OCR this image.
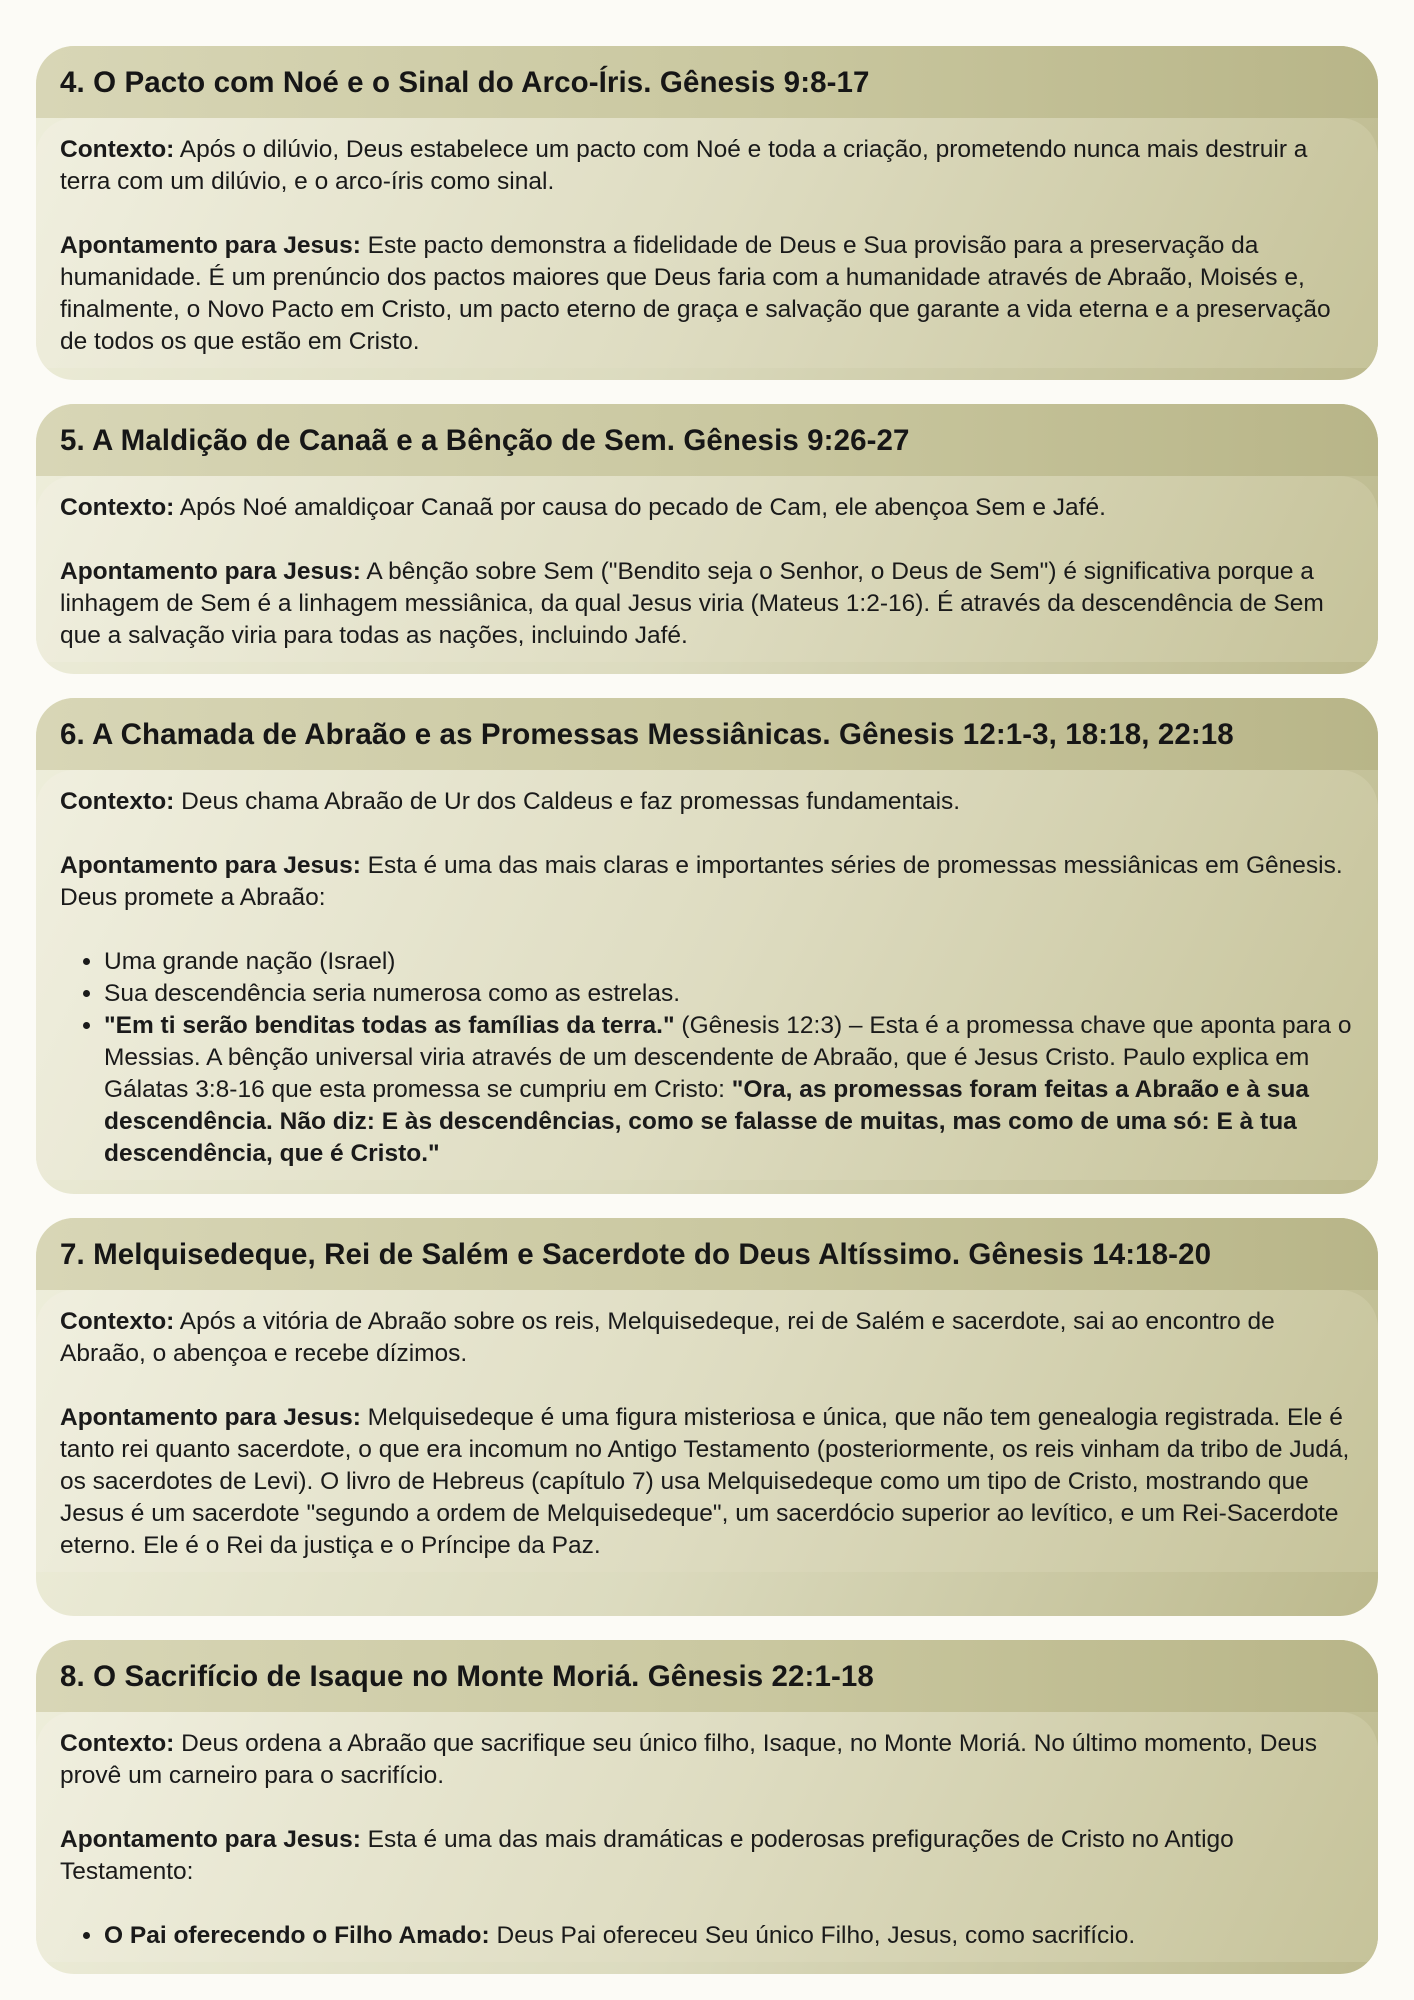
4. O Pacto com Noé e o Sinal do Arco-Íris. Gênesis 9:8-17

Contexto: Após o dilúvio, Deus estabelece um pacto com Noé e toda a criação, prometendo nunca mais destruir a terra com um dilúvio, e o arco-íris como sinal.

Apontamento para Jesus: Este pacto demonstra a fidelidade de Deus e Sua provisão para a preservação da humanidade. É um prenúncio dos pactos maiores que Deus faria com a humanidade através de Abraão, Moisés e, finalmente, o Novo Pacto em Cristo, um pacto eterno de graça e salvação que garante a vida eterna e a preservação de todos os que estão em Cristo.

5. A Maldição de Canaã e a Bênção de Sem. Gênesis 9:26-27

Contexto: Após Noé amaldiçoar Canaã por causa do pecado de Cam, ele abençoa Sem e Jafé.

Apontamento para Jesus: A bênção sobre Sem ("Bendito seja o Senhor, o Deus de Sem") é significativa porque a linhagem de Sem é a linhagem messiânica, da qual Jesus viria (Mateus 1:2-16). É através da descendência de Sem que a salvação viria para todas as nações, incluindo Jafé.

6. A Chamada de Abraão e as Promessas Messiânicas. Gênesis 12:1-3, 18:18, 22:18

Contexto: Deus chama Abraão de Ur dos Caldeus e faz promessas fundamentais.

Apontamento para Jesus: Esta é uma das mais claras e importantes séries de promessas messiânicas em Gênesis. Deus promete a Abraão:

• Uma grande nação (Israel)
• Sua descendência seria numerosa como as estrelas.
• "Em ti serão benditas todas as famílias da terra." (Gênesis 12:3) – Esta é a promessa chave que aponta para o Messias. A bênção universal viria através de um descendente de Abraão, que é Jesus Cristo. Paulo explica em Gálatas 3:8-16 que esta promessa se cumpriu em Cristo: "Ora, as promessas foram feitas a Abraão e à sua descendência. Não diz: E às descendências, como se falasse de muitas, mas como de uma só: E à tua descendência, que é Cristo."
7. Melquisedeque, Rei de Salém e Sacerdote do Deus Altíssimo. Gênesis 14:18-20

Contexto: Após a vitória de Abraão sobre os reis, Melquisedeque, rei de Salém e sacerdote, sai ao encontro de Abraão, o abençoa e recebe dízimos.

Apontamento para Jesus: Melquisedeque é uma figura misteriosa e única, que não tem genealogia registrada. Ele é tanto rei quanto sacerdote, o que era incomum no Antigo Testamento (posteriormente, os reis vinham da tribo de Judá, os sacerdotes de Levi). O livro de Hebreus (capítulo 7) usa Melquisedeque como um tipo de Cristo, mostrando que Jesus é um sacerdote "segundo a ordem de Melquisedeque", um sacerdócio superior ao levítico, e um Rei-Sacerdote eterno. Ele é o Rei da justiça e o Príncipe da Paz.

8. O Sacrifício de Isaque no Monte Moriá. Gênesis 22:1-18

Contexto: Deus ordena a Abraão que sacrifique seu único filho, Isaque, no Monte Moriá. No último momento, Deus provê um carneiro para o sacrifício.

Apontamento para Jesus: Esta é uma das mais dramáticas e poderosas prefigurações de Cristo no Antigo Testamento:

• O Pai oferecendo o Filho Amado: Deus Pai ofereceu Seu único Filho, Jesus, como sacrifício.
